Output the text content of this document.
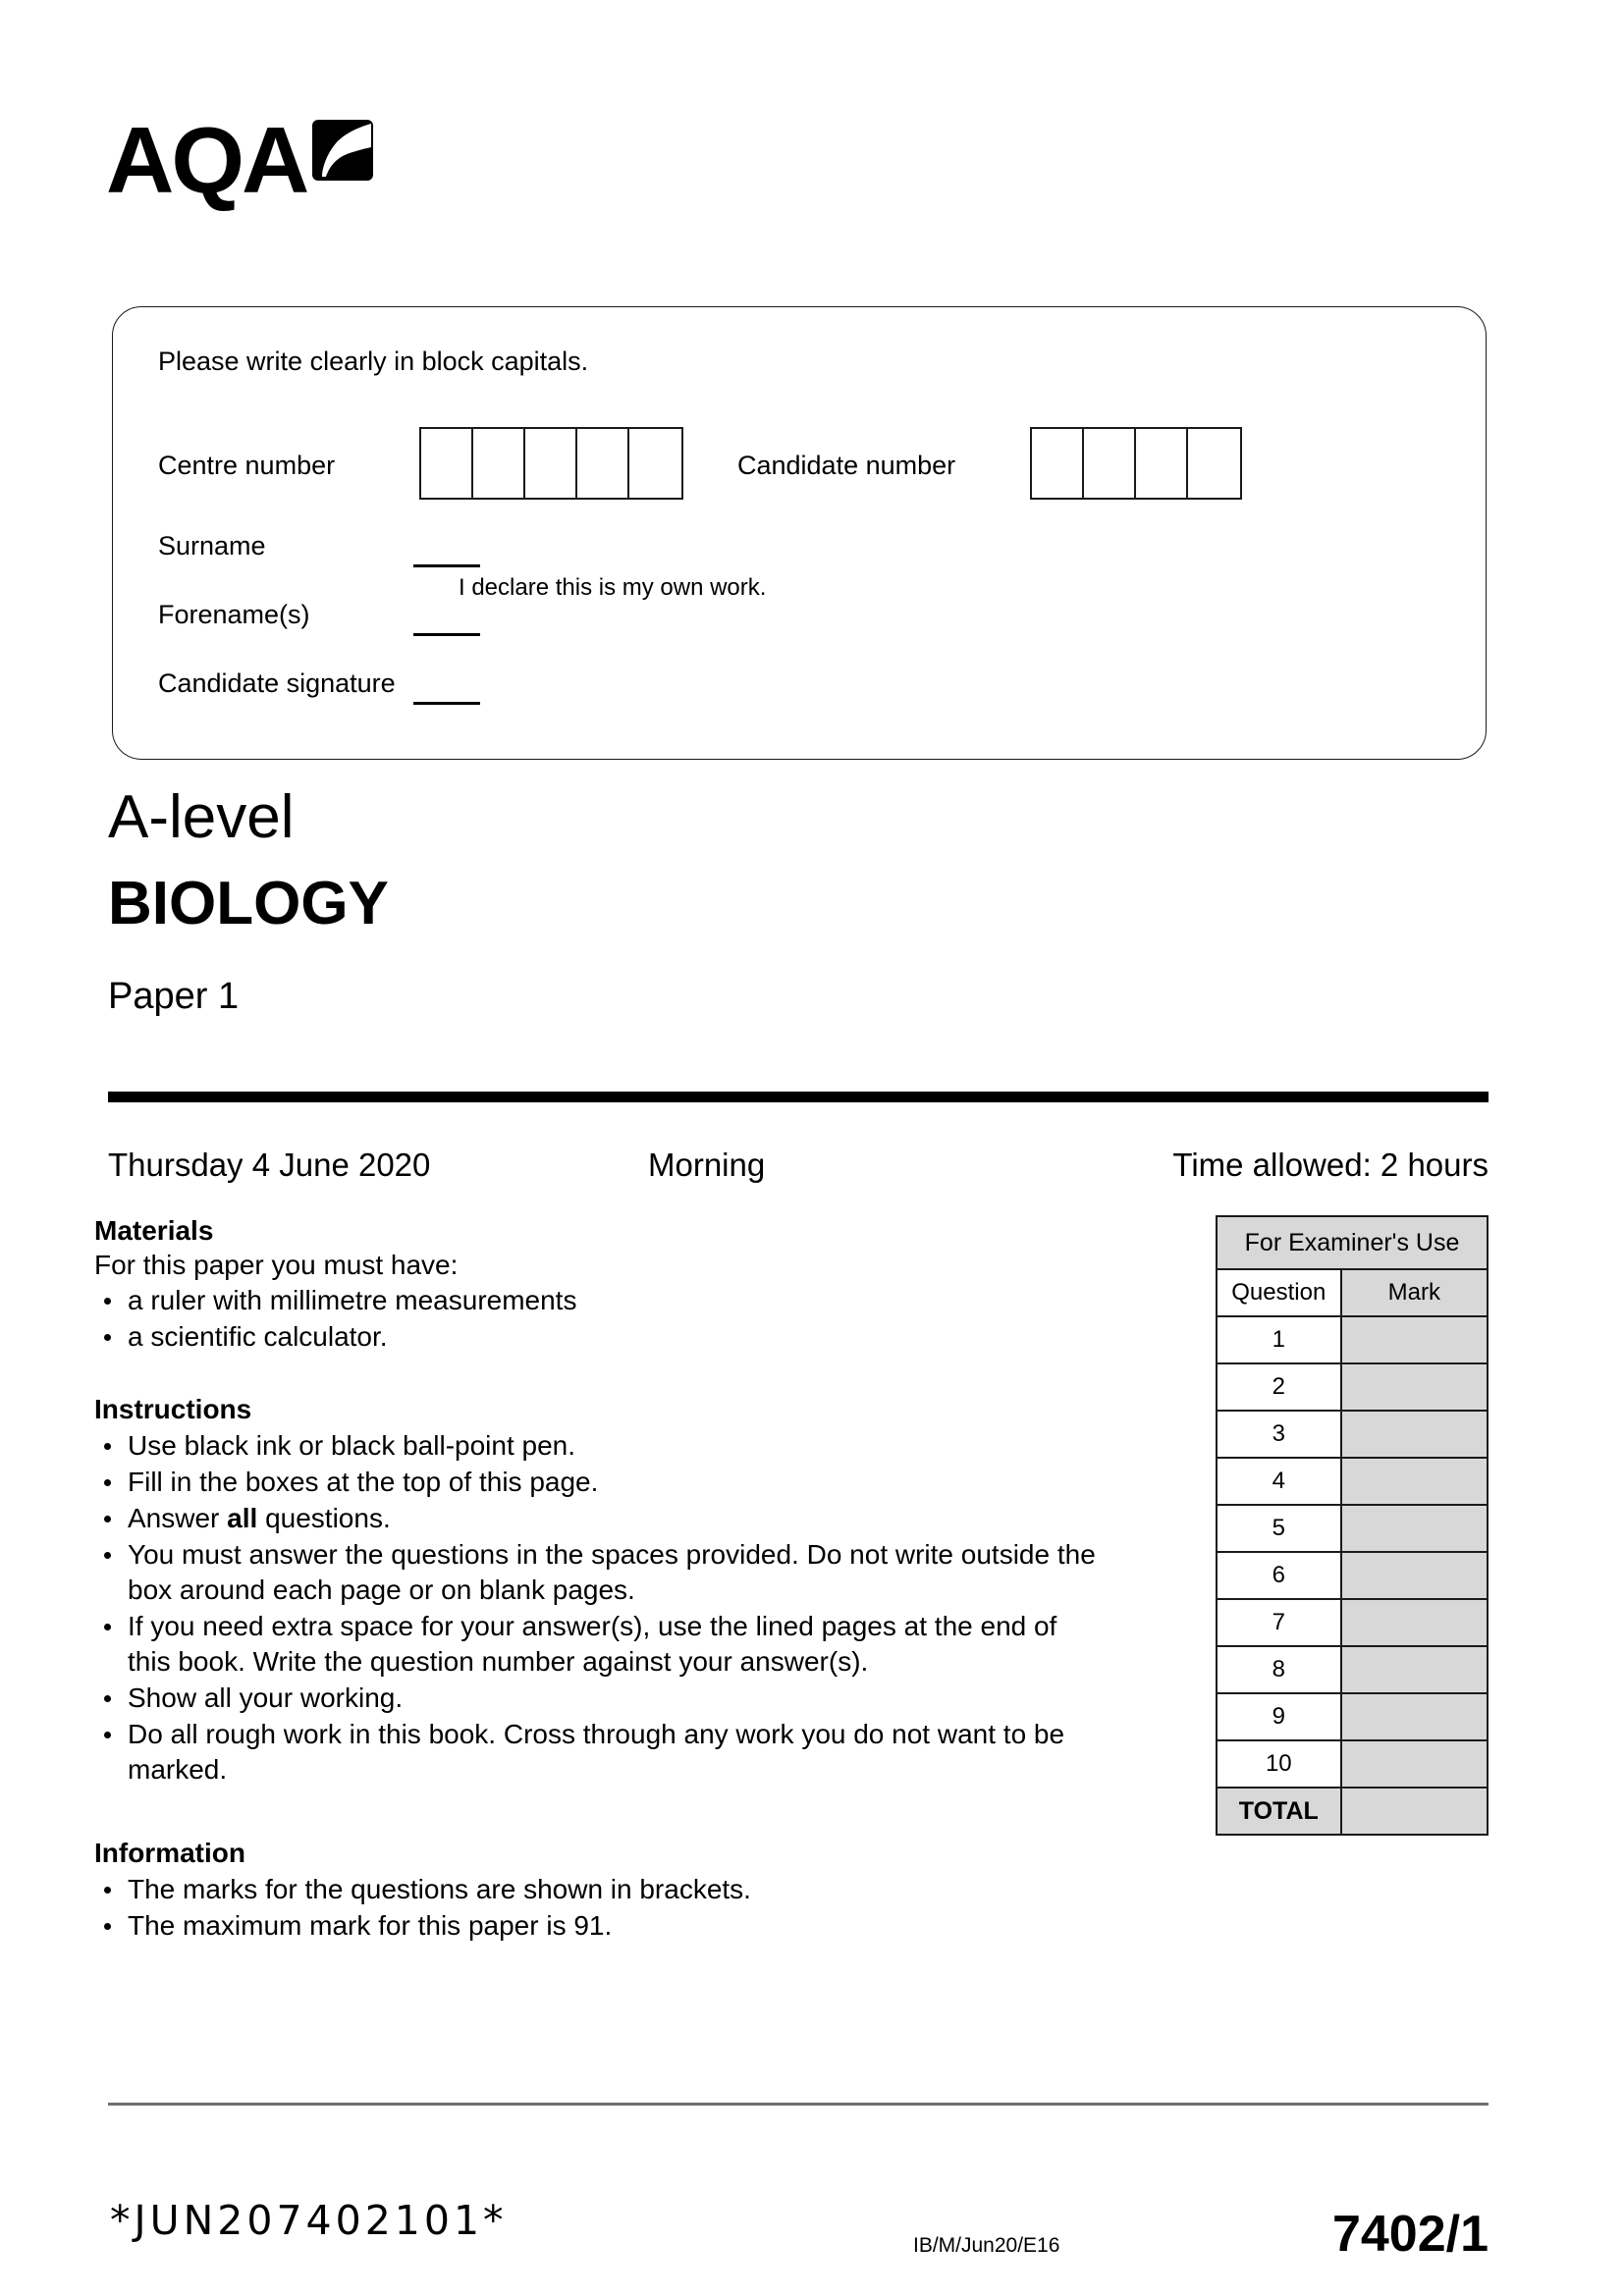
AQA
Please write clearly in block capitals.
Centre number	Candidate number
Surname
Forename(s)
Candidate signature
I declare this is my own work.
A-level
BIOLOGY
Paper 1
Thursday 4 June 2020	Morning	Time allowed: 2 hours
Materials
For this paper you must have:
a ruler with millimetre measurements
a scientific calculator.
Instructions
Use black ink or black ball-point pen.
Fill in the boxes at the top of this page.
Answer all questions.
You must answer the questions in the spaces provided. Do not write outside the box around each page or on blank pages.
If you need extra space for your answer(s), use the lined pages at the end of this book. Write the question number against your answer(s).
Show all your working.
Do all rough work in this book. Cross through any work you do not want to be marked.
Information
The marks for the questions are shown in brackets.
The maximum mark for this paper is 91.
For Examiner's Use	
Question	Mark
1	
2	
3	
4	
5	
6	
7	
8	
9	
10	
TOTAL	
*JUN207402101*
IB/M/Jun20/E16	7402/1
